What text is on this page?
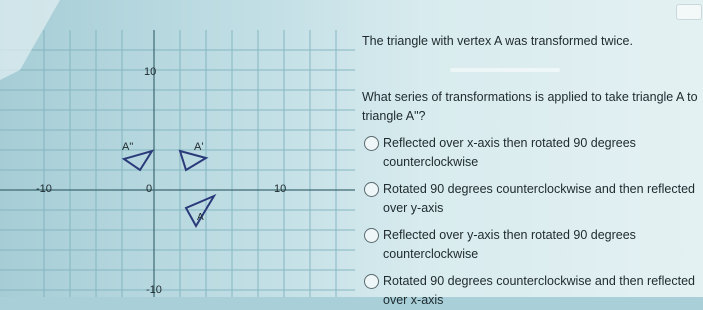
10
-10
-10	0	10
A"	A'
A
The triangle with vertex A was transformed twice.
What series of transformations is applied to take triangle A to triangle A"?
Reflected over x-axis then rotated 90 degrees counterclockwise
Rotated 90 degrees counterclockwise and then reflected over y-axis
Reflected over y-axis then rotated 90 degrees counterclockwise
Rotated 90 degrees counterclockwise and then reflected over x-axis
